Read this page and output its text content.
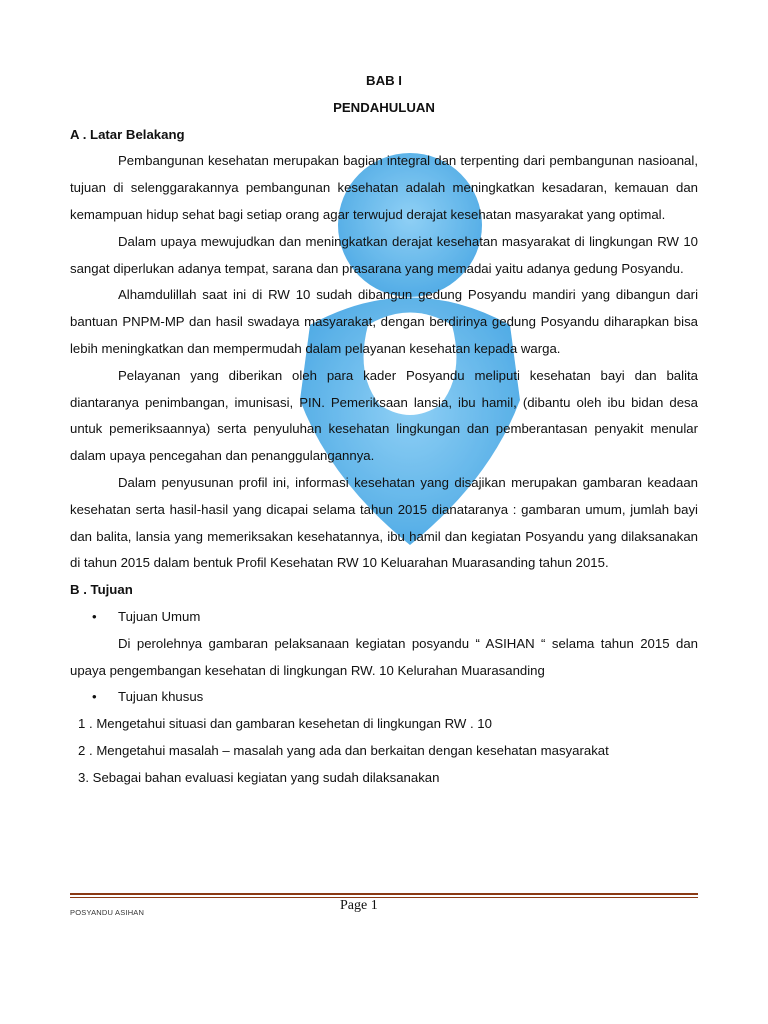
BAB I
PENDAHULUAN
A . Latar Belakang

Pembangunan kesehatan merupakan bagian integral dan terpenting dari pembangunan nasioanal, tujuan di selenggarakannya pembangunan kesehatan adalah meningkatkan kesadaran, kemauan dan kemampuan hidup sehat bagi setiap orang agar terwujud derajat kesehatan masyarakat yang optimal.

Dalam upaya mewujudkan dan meningkatkan derajat kesehatan masyarakat di lingkungan RW 10 sangat diperlukan adanya tempat, sarana dan prasarana yang memadai yaitu adanya gedung Posyandu.

Alhamdulillah saat ini di RW 10 sudah dibangun gedung Posyandu mandiri yang dibangun dari bantuan PNPM-MP dan hasil swadaya masyarakat, dengan berdirinya gedung Posyandu diharapkan bisa lebih meningkatkan dan mempermudah dalam pelayanan kesehatan kepada warga.

Pelayanan yang diberikan oleh para kader Posyandu meliputi kesehatan bayi dan balita diantaranya penimbangan, imunisasi, PIN. Pemeriksaan lansia, ibu hamil, (dibantu oleh ibu bidan desa untuk pemeriksaannya) serta penyuluhan kesehatan lingkungan dan pemberantasan penyakit menular dalam upaya pencegahan dan penanggulangannya.

Dalam penyusunan profil ini, informasi kesehatan yang disajikan merupakan gambaran keadaan kesehatan serta hasil-hasil yang dicapai selama tahun 2015 dianataranya : gambaran umum, jumlah bayi dan balita, lansia yang memeriksakan kesehatannya, ibu hamil dan kegiatan Posyandu yang dilaksanakan di tahun 2015 dalam bentuk Profil Kesehatan RW 10 Keluarahan Muarasanding tahun 2015.

B . Tujuan
• Tujuan Umum

Di perolehnya gambaran pelaksanaan kegiatan posyandu “ ASIHAN “ selama tahun 2015 dan upaya pengembangan kesehatan di lingkungan RW. 10 Kelurahan Muarasanding

• Tujuan khusus
1 . Mengetahui situasi dan gambaran kesehetan di lingkungan RW . 10
2 . Mengetahui masalah – masalah yang ada dan berkaitan dengan kesehatan masyarakat
3. Sebagai bahan evaluasi kegiatan yang sudah dilaksanakan
POSYANDU ASIHAN	Page 1
